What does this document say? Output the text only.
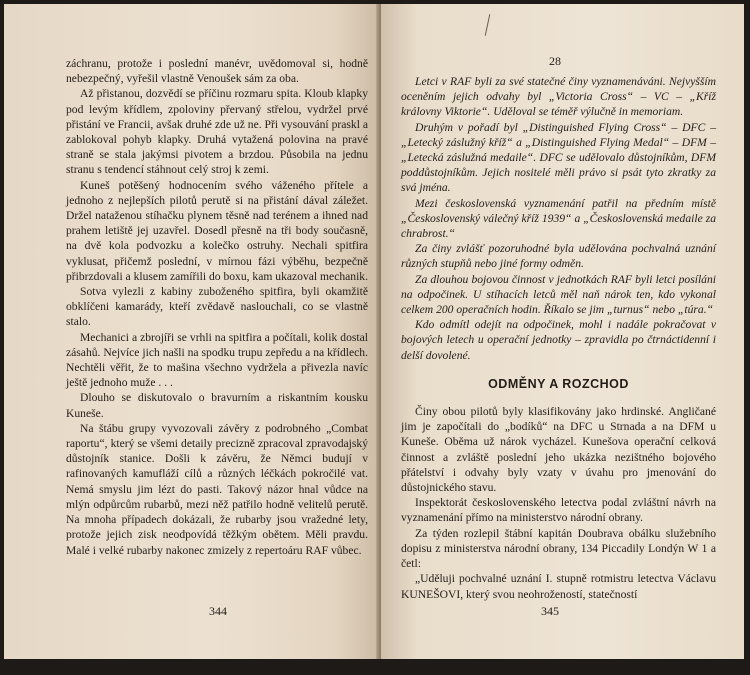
záchranu, protože i poslední manévr, uvědomoval si, hodně nebezpečný, vyřešil vlastně Venoušek sám za oba.

Až přistanou, dozvědí se příčinu rozmaru spita. Kloub klapky pod levým křídlem, zpoloviny přervaný střelou, vydržel prvé přistání ve Francii, avšak druhé zde už ne. Při vysouvání praskl a zablokoval pohyb klapky. Druhá vytažená polovina na pravé straně se stala jakýmsi pivotem a brzdou. Působila na jednu stranu s tendencí stáhnout celý stroj k zemi.

Kuneš potěšený hodnocením svého váženého přítele a jednoho z nejlepších pilotů perutě si na přistání dával záležet. Držel nataženou stíhačku plynem těsně nad terénem a ihned nad prahem letiště jej uzavřel. Dosedl přesně na tři body současně, na dvě kola podvozku a kolečko ostruhy. Nechali spitfira vyklusat, přičemž poslední, v mírnou fázi výběhu, bezpečně přibrzdovali a klusem zamířili do boxu, kam ukazoval mechanik.

Sotva vylezli z kabiny zuboženého spitfira, byli okamžitě obklíčeni kamarády, kteří zvědavě naslouchali, co se vlastně stalo.

Mechanici a zbrojíři se vrhli na spitfira a počítali, kolik dostal zásahů. Nejvíce jich našli na spodku trupu zepředu a na křídlech. Nechtěli věřit, že to mašina všechno vydržela a přivezla navíc ještě jednoho muže . . .

Dlouho se diskutovalo o bravurním a riskantním kousku Kuneše.

Na štábu grupy vyvozovali závěry z podrobného „Combat raportu“, který se všemi detaily precizně zpracoval zpravodajský důstojník stanice. Došli k závěru, že Němci budují v rafinovaných kamufláží cílů a různých léčkách pokročilé vat. Nemá smyslu jim lézt do pasti. Takový názor hnal vůdce na mlýn odpůrcům rubarbů, mezi něž patřilo hodně velitelů perutě. Na mnoha případech dokázali, že rubarby jsou vražedné lety, protože jejich zisk neodpovídá těžkým obětem. Měli pravdu. Malé i velké rubarby nakonec zmizely z repertoáru RAF vůbec.

344
28

Letci v RAF byli za své statečné činy vyznamenáváni. Nejvyšším oceněním jejich odvahy byl „Victoria Cross“ – VC – „Kříž královny Viktorie“. Uděloval se téměř výlučně in memoriam.

Druhým v pořadí byl „Distinguished Flying Cross“ – DFC – „Letecký záslužný kříž“ a „Distinguished Flying Medal“ – DFM – „Letecká záslužná medaile“. DFC se udělovalo důstojníkům, DFM poddůstojníkům. Jejich nositelé měli právo si psát tyto zkratky za svá jména.

Mezi československá vyznamenání patřil na předním místě „Československý válečný kříž 1939“ a „Československá medaile za chrabrost.“

Za činy zvlášť pozoruhodné byla udělována pochvalná uznání různých stupňů nebo jiné formy odměn.

Za dlouhou bojovou činnost v jednotkách RAF byli letci posíláni na odpočinek. U stíhacích letců měl naň nárok ten, kdo vykonal celkem 200 operačních hodin. Říkalo se jim „turnus“ nebo „túra.“

Kdo odmítl odejít na odpočinek, mohl i nadále pokračovat v bojových letech u operační jednotky – zpravidla po čtrnáctidenní i delší dovolené.

ODMĚNY A ROZCHOD

Činy obou pilotů byly klasifikovány jako hrdinské. Angličané jim je započítali do „bodíků“ na DFC u Strnada a na DFM u Kuneše. Oběma už nárok vycházel. Kunešova operační celková činnost a zvláště poslední jeho ukázka nezištného bojového přátelství i odvahy byly vzaty v úvahu pro jmenování do důstojnického stavu.

Inspektorát československého letectva podal zvláštní návrh na vyznamenání přímo na ministerstvo národní obrany.

Za týden rozlepil štábní kapitán Doubrava obálku služebního dopisu z ministerstva národní obrany, 134 Piccadily Londýn W 1 a četl:

„Uděluji pochvalné uznání I. stupně rotmistru letectva Václavu KUNEŠOVI, který svou neohrožeností, statečností

345
